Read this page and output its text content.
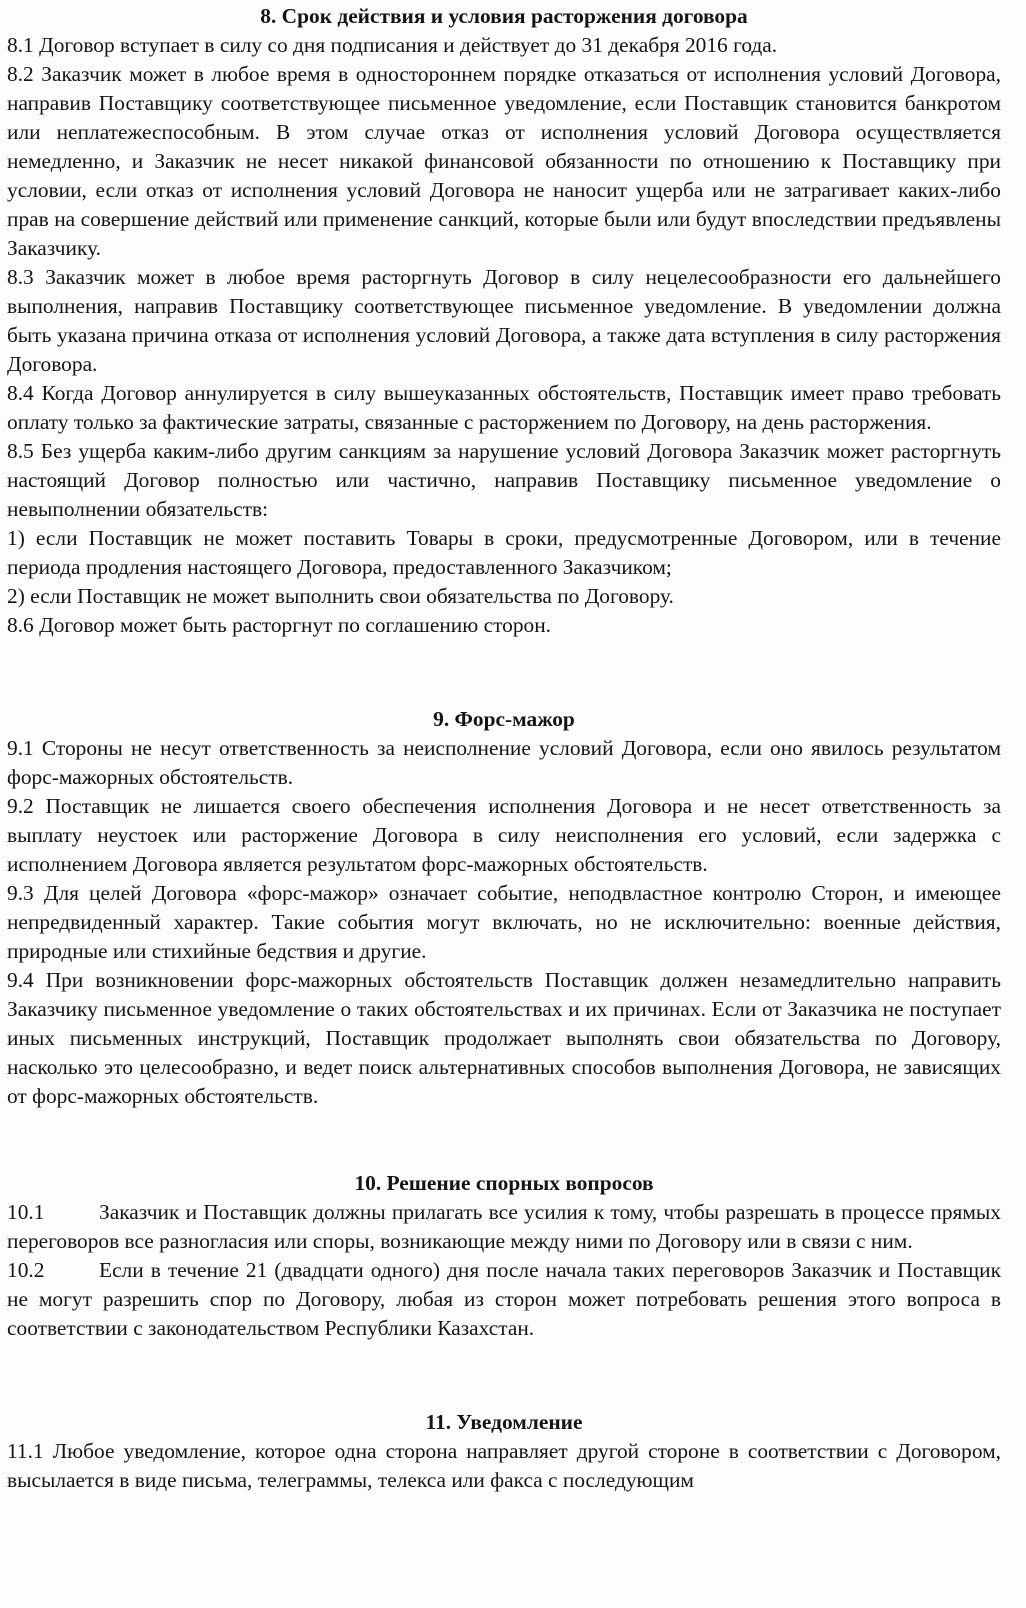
8. Срок действия и условия расторжения договора

8.1 Договор вступает в силу со дня подписания и действует до 31 декабря 2016 года.

8.2 Заказчик может в любое время в одностороннем порядке отказаться от исполнения условий Договора, направив Поставщику соответствующее письменное уведомление, если Поставщик становится банкротом или неплатежеспособным. В этом случае отказ от исполнения условий Договора осуществляется немедленно, и Заказчик не несет никакой финансовой обязанности по отношению к Поставщику при условии, если отказ от исполнения условий Договора не наносит ущерба или не затрагивает каких-либо прав на совершение действий или применение санкций, которые были или будут впоследствии предъявлены Заказчику.

8.3 Заказчик может в любое время расторгнуть Договор в силу нецелесообразности его дальнейшего выполнения, направив Поставщику соответствующее письменное уведомление. В уведомлении должна быть указана причина отказа от исполнения условий Договора, а также дата вступления в силу расторжения Договора.

8.4 Когда Договор аннулируется в силу вышеуказанных обстоятельств, Поставщик имеет право требовать оплату только за фактические затраты, связанные с расторжением по Договору, на день расторжения.

8.5 Без ущерба каким-либо другим санкциям за нарушение условий Договора Заказчик может расторгнуть настоящий Договор полностью или частично, направив Поставщику письменное уведомление о невыполнении обязательств:

1) если Поставщик не может поставить Товары в сроки, предусмотренные Договором, или в течение периода продления настоящего Договора, предоставленного Заказчиком;

2) если Поставщик не может выполнить свои обязательства по Договору.

8.6 Договор может быть расторгнут по соглашению сторон.

9. Форс-мажор

9.1 Стороны не несут ответственность за неисполнение условий Договора, если оно явилось результатом форс-мажорных обстоятельств.

9.2 Поставщик не лишается своего обеспечения исполнения Договора и не несет ответственность за выплату неустоек или расторжение Договора в силу неисполнения его условий, если задержка с исполнением Договора является результатом форс-мажорных обстоятельств.

9.3 Для целей Договора «форс-мажор» означает событие, неподвластное контролю Сторон, и имеющее непредвиденный характер. Такие события могут включать, но не исключительно: военные действия, природные или стихийные бедствия и другие.

9.4 При возникновении форс-мажорных обстоятельств Поставщик должен незамедлительно направить Заказчику письменное уведомление о таких обстоятельствах и их причинах. Если от Заказчика не поступает иных письменных инструкций, Поставщик продолжает выполнять свои обязательства по Договору, насколько это целесообразно, и ведет поиск альтернативных способов выполнения Договора, не зависящих от форс-мажорных обстоятельств.

10. Решение спорных вопросов

10.1	Заказчик и Поставщик должны прилагать все усилия к тому, чтобы разрешать в процессе прямых переговоров все разногласия или споры, возникающие между ними по Договору или в связи с ним.

10.2	Если в течение 21 (двадцати одного) дня после начала таких переговоров Заказчик и Поставщик не могут разрешить спор по Договору, любая из сторон может потребовать решения этого вопроса в соответствии с законодательством Республики Казахстан.

11. Уведомление

11.1 Любое уведомление, которое одна сторона направляет другой стороне в соответствии с Договором, высылается в виде письма, телеграммы, телекса или факса с последующим
